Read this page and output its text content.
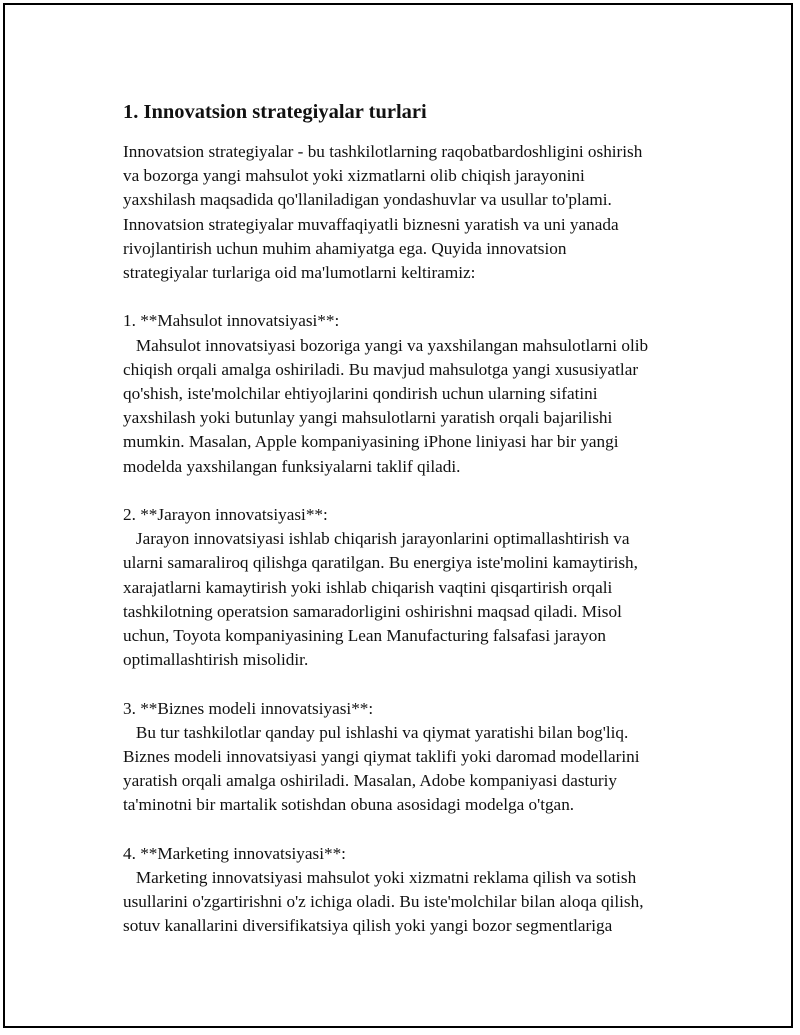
1. Innovatsion strategiyalar turlari
Innovatsion strategiyalar - bu tashkilotlarning raqobatbardoshligini oshirish
va bozorga yangi mahsulot yoki xizmatlarni olib chiqish jarayonini
yaxshilash maqsadida qo'llaniladigan yondashuvlar va usullar to'plami.
Innovatsion strategiyalar muvaffaqiyatli biznesni yaratish va uni yanada
rivojlantirish uchun muhim ahamiyatga ega. Quyida innovatsion
strategiyalar turlariga oid ma'lumotlarni keltiramiz:
1. **Mahsulot innovatsiyasi**:
Mahsulot innovatsiyasi bozoriga yangi va yaxshilangan mahsulotlarni olib
chiqish orqali amalga oshiriladi. Bu mavjud mahsulotga yangi xususiyatlar
qo'shish, iste'molchilar ehtiyojlarini qondirish uchun ularning sifatini
yaxshilash yoki butunlay yangi mahsulotlarni yaratish orqali bajarilishi
mumkin. Masalan, Apple kompaniyasining iPhone liniyasi har bir yangi
modelda yaxshilangan funksiyalarni taklif qiladi.
2. **Jarayon innovatsiyasi**:
Jarayon innovatsiyasi ishlab chiqarish jarayonlarini optimallashtirish va
ularni samaraliroq qilishga qaratilgan. Bu energiya iste'molini kamaytirish,
xarajatlarni kamaytirish yoki ishlab chiqarish vaqtini qisqartirish orqali
tashkilotning operatsion samaradorligini oshirishni maqsad qiladi. Misol
uchun, Toyota kompaniyasining Lean Manufacturing falsafasi jarayon
optimallashtirish misolidir.
3. **Biznes modeli innovatsiyasi**:
Bu tur tashkilotlar qanday pul ishlashi va qiymat yaratishi bilan bog'liq.
Biznes modeli innovatsiyasi yangi qiymat taklifi yoki daromad modellarini
yaratish orqali amalga oshiriladi. Masalan, Adobe kompaniyasi dasturiy
ta'minotni bir martalik sotishdan obuna asosidagi modelga o'tgan.
4. **Marketing innovatsiyasi**:
Marketing innovatsiyasi mahsulot yoki xizmatni reklama qilish va sotish
usullarini o'zgartirishni o'z ichiga oladi. Bu iste'molchilar bilan aloqa qilish,
sotuv kanallarini diversifikatsiya qilish yoki yangi bozor segmentlariga
